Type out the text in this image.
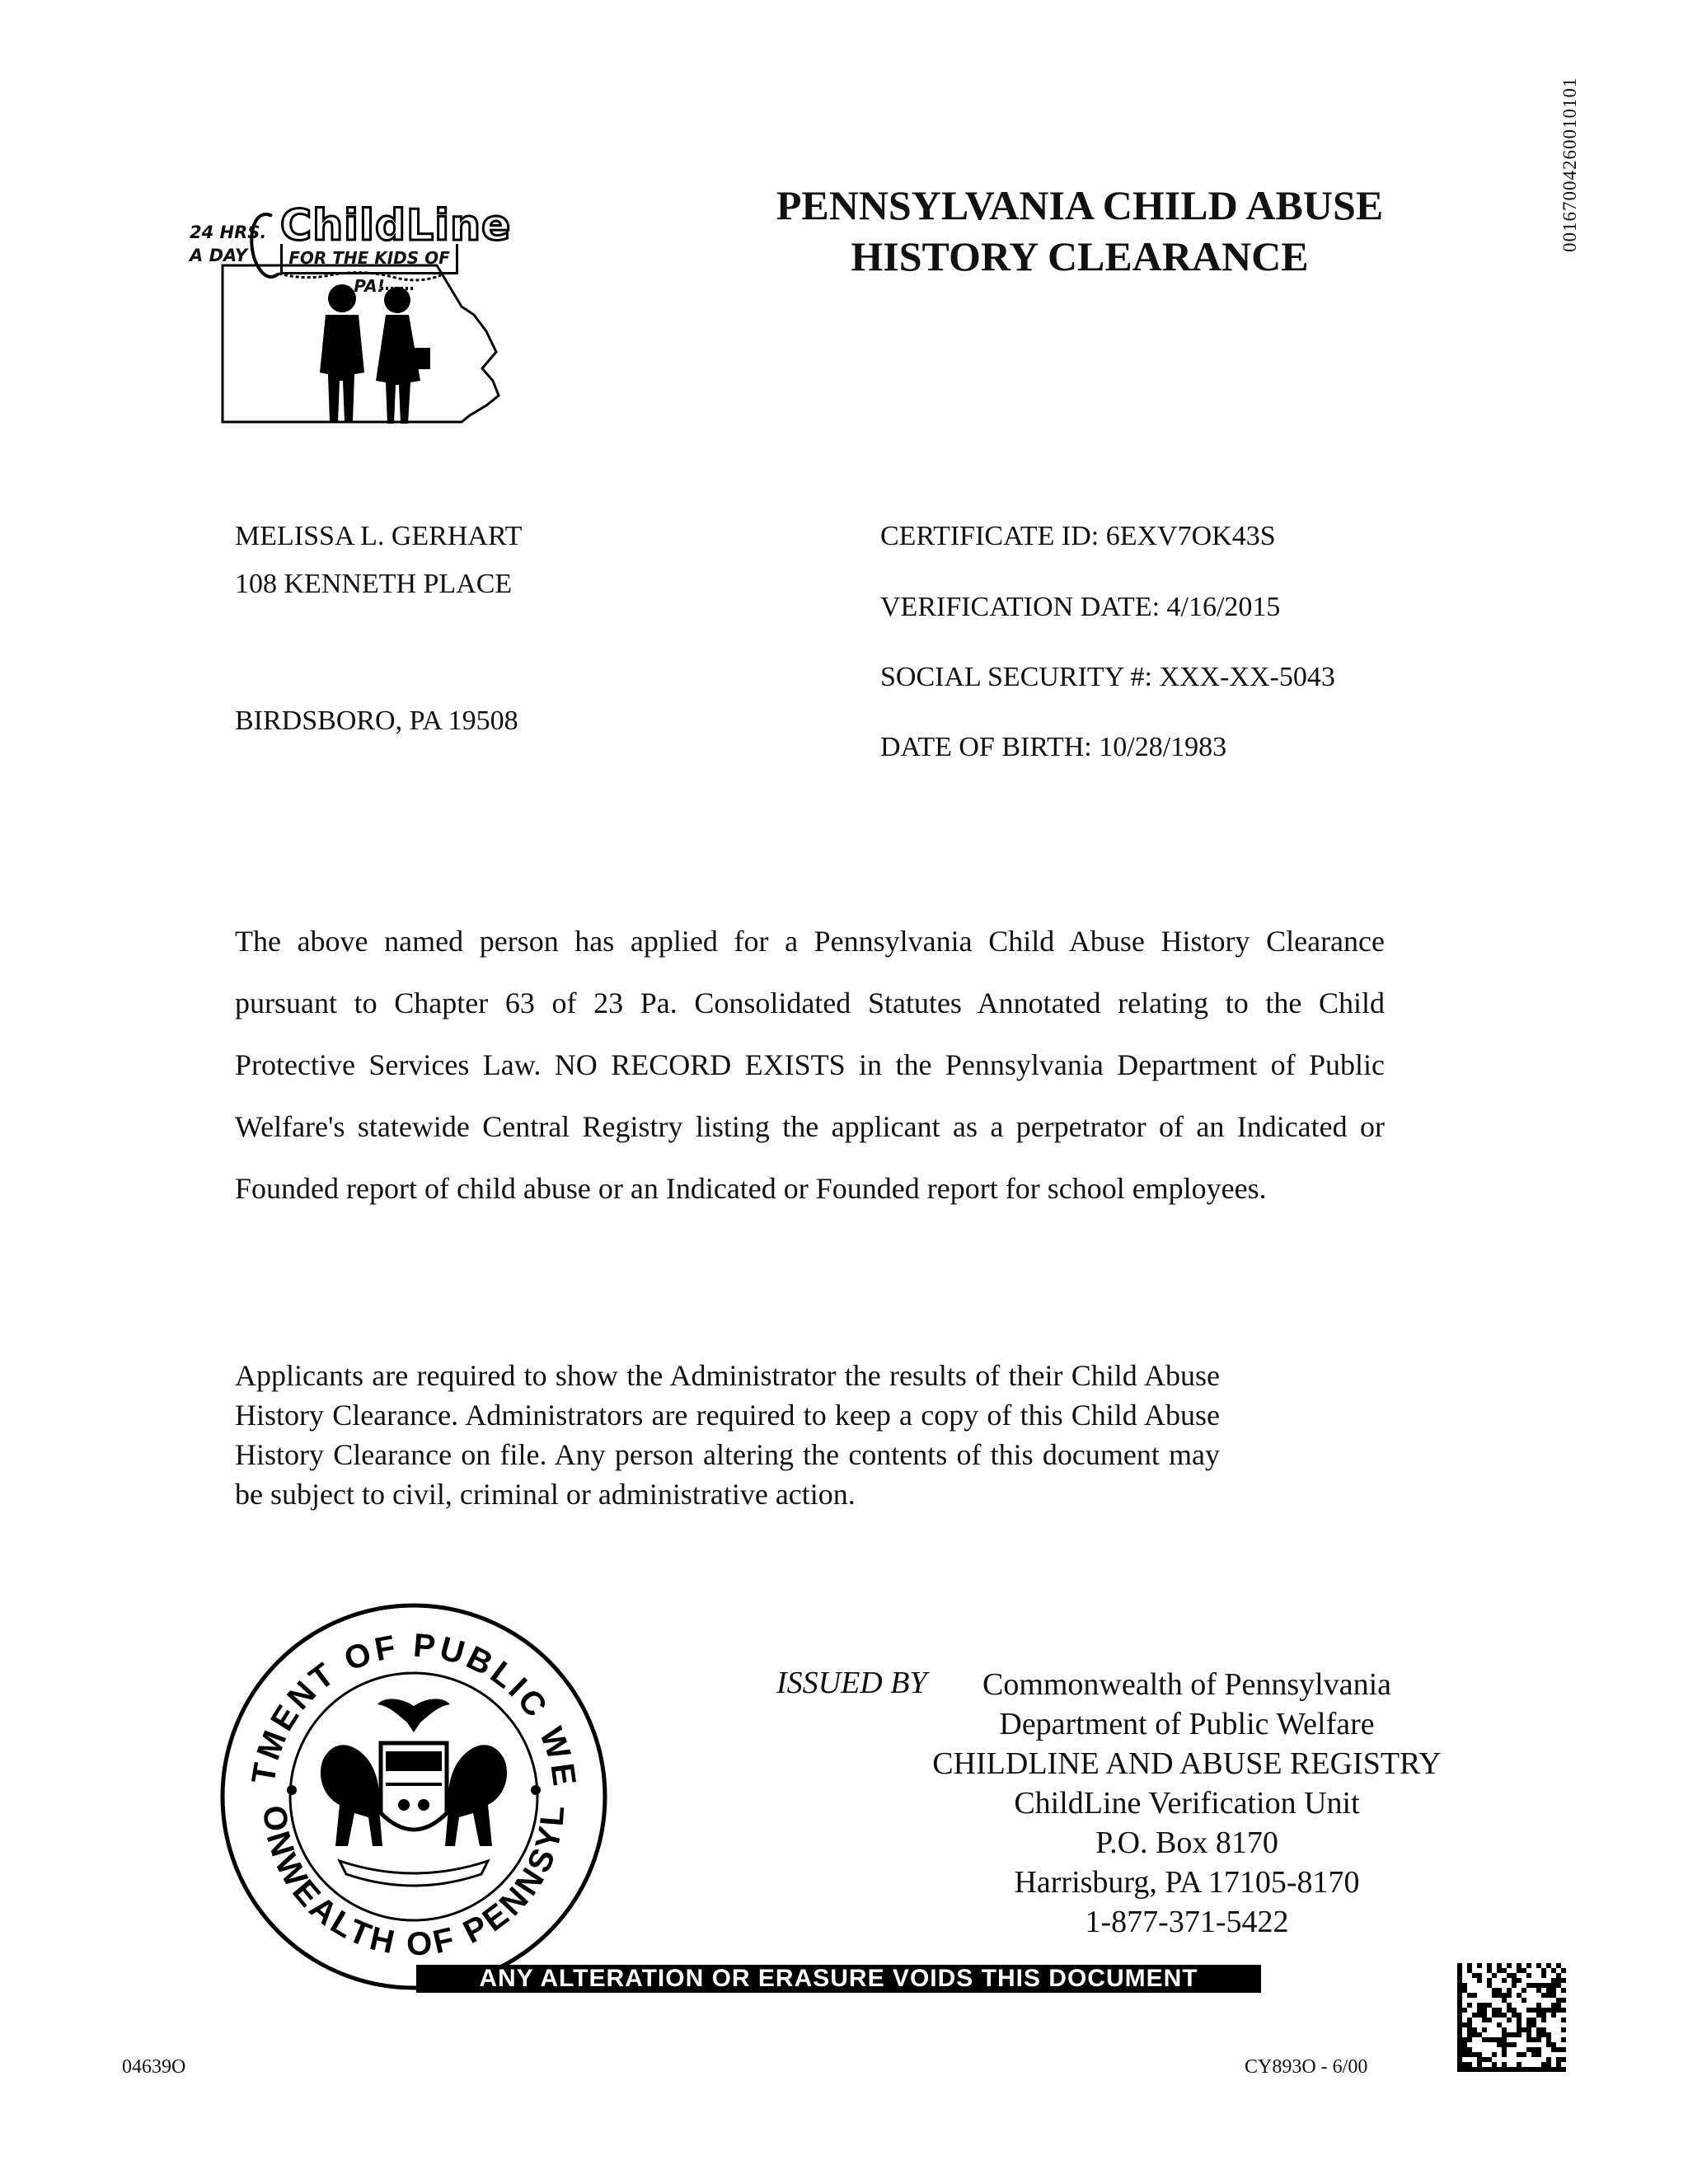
0016700426001010​1
24 HRS.
A DAY
ChildLine
FOR THE KIDS OF PA!
PENNSYLVANIA CHILD ABUSE
HISTORY CLEARANCE
MELISSA L. GERHART
108 KENNETH PLACE
BIRDSBORO, PA 19508
CERTIFICATE ID: 6EXV7OK43S
VERIFICATION DATE: 4/16/2015
SOCIAL SECURITY #: XXX-XX-5043
DATE OF BIRTH: 10/28/1983
The above named person has applied for a Pennsylvania Child Abuse History Clearance pursuant to Chapter 63 of 23 Pa. Consolidated Statutes Annotated relating to the Child Protective Services Law. NO RECORD EXISTS in the Pennsylvania Department of Public Welfare's statewide Central Registry listing the applicant as a perpetrator of an Indicated or Founded report of child abuse or an Indicated or Founded report for school employees.
Applicants are required to show the Administrator the results of their Child Abuse History Clearance. Administrators are required to keep a copy of this Child Abuse History Clearance on file. Any person altering the contents of this document may be subject to civil, criminal or administrative action.
TMENT OF PUBLIC WE
ONWEALTH OF PENNSYL
ISSUED BY	Commonwealth of Pennsylvania
Department of Public Welfare
CHILDLINE AND ABUSE REGISTRY
ChildLine Verification Unit
P.O. Box 8170
Harrisburg, PA 17105-8170
1-877-371-5422
ANY ALTERATION OR ERASURE VOIDS THIS DOCUMENT
04639O	CY893O - 6/00
